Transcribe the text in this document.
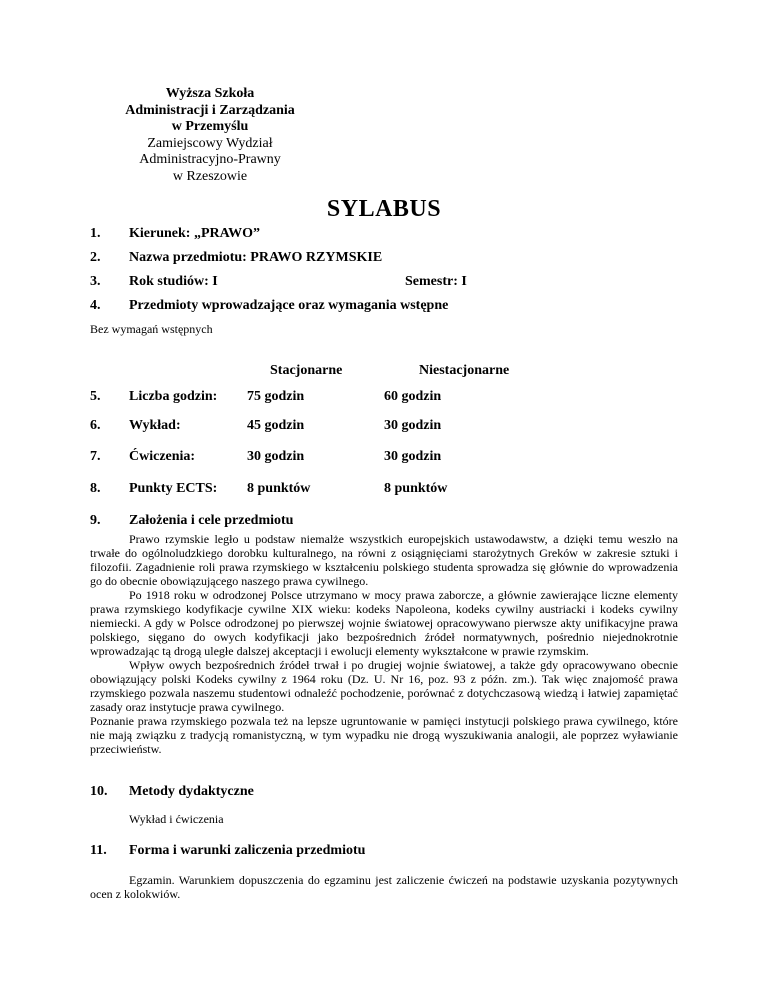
Wyższa Szkoła
Administracji i Zarządzania
w Przemyślu
Zamiejscowy Wydział
Administracyjno-Prawny
w Rzeszowie
SYLABUS
1. Kierunek: „PRAWO”
2. Nazwa przedmiotu: PRAWO RZYMSKIE
3. Rok studiów: I	Semestr: I
4. Przedmioty wprowadzające oraz wymagania wstępne
Bez wymagań wstępnych
Stacjonarne	Niestacjonarne
5. Liczba godzin: 75 godzin	60 godzin
6. Wykład:	45 godzin	30 godzin
7. Ćwiczenia:	30 godzin	30 godzin
8. Punkty ECTS: 8 punktów	8 punktów
9. Założenia i cele przedmiotu

Prawo rzymskie legło u podstaw niemalże wszystkich europejskich ustawodawstw, a dzięki temu weszło na trwałe do ogólnoludzkiego dorobku kulturalnego, na równi z osiągnięciami starożytnych Greków w zakresie sztuki i filozofii. Zagadnienie roli prawa rzymskiego w kształceniu polskiego studenta sprowadza się głównie do wprowadzenia go do obecnie obowiązującego naszego prawa cywilnego.

Po 1918 roku w odrodzonej Polsce utrzymano w mocy prawa zaborcze, a głównie zawierające liczne elementy prawa rzymskiego kodyfikacje cywilne XIX wieku: kodeks Napoleona, kodeks cywilny austriacki i kodeks cywilny niemiecki. A gdy w Polsce odrodzonej po pierwszej wojnie światowej opracowywano pierwsze akty unifikacyjne prawa polskiego, sięgano do owych kodyfikacji jako bezpośrednich źródeł normatywnych, pośrednio niejednokrotnie wprowadzając tą drogą uległe dalszej akceptacji i ewolucji elementy wykształcone w prawie rzymskim.

Wpływ owych bezpośrednich źródeł trwał i po drugiej wojnie światowej, a także gdy opracowywano obecnie obowiązujący polski Kodeks cywilny z 1964 roku (Dz. U. Nr 16, poz. 93 z późn. zm.). Tak więc znajomość prawa rzymskiego pozwala naszemu studentowi odnaleźć pochodzenie, porównać z dotychczasową wiedzą i łatwiej zapamiętać zasady oraz instytucje prawa cywilnego.

Poznanie prawa rzymskiego pozwala też na lepsze ugruntowanie w pamięci instytucji polskiego prawa cywilnego, które nie mają związku z tradycją romanistyczną, w tym wypadku nie drogą wyszukiwania analogii, ale poprzez wyławianie przeciwieństw.

10. Metody dydaktyczne
Wykład i ćwiczenia
11. Forma i warunki zaliczenia przedmiotu

Egzamin. Warunkiem dopuszczenia do egzaminu jest zaliczenie ćwiczeń na podstawie uzyskania pozytywnych ocen z kolokwiów.
